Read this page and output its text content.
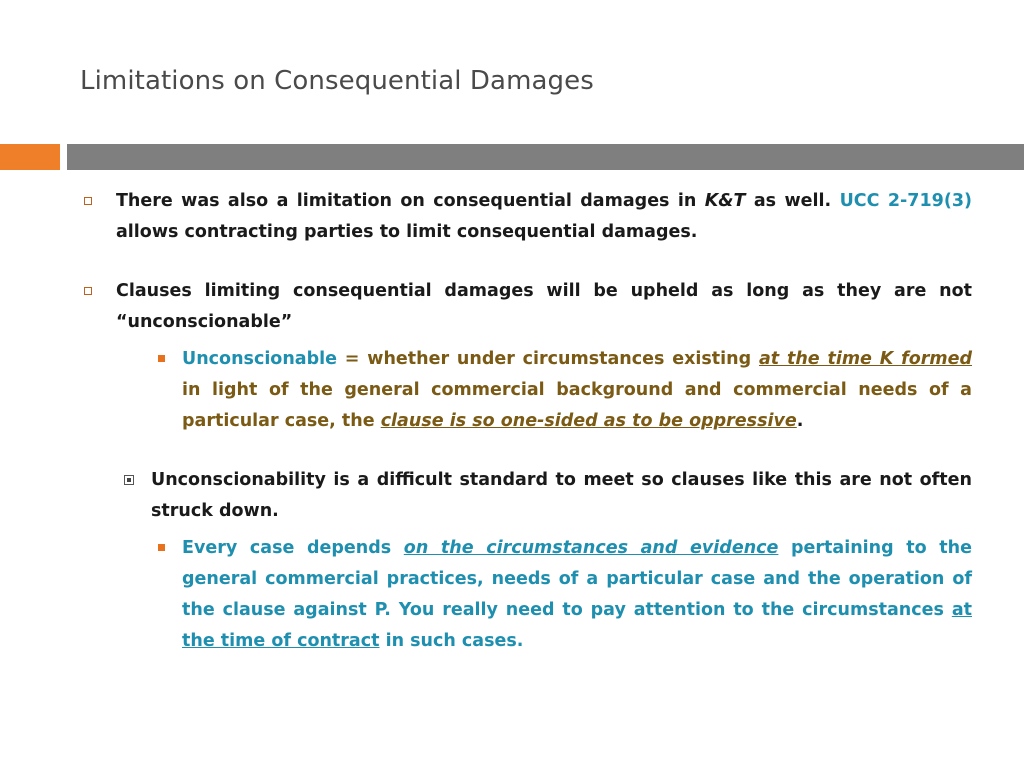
Limitations on Consequential Damages
There was also a limitation on consequential damages in K&T as well. UCC 2-719(3) allows contracting parties to limit consequential damages.
Clauses limiting consequential damages will be upheld as long as they are not “unconscionable”
Unconscionable = whether under circumstances existing at the time K formed in light of the general commercial background and commercial needs of a particular case, the clause is so one-sided as to be oppressive.
Unconscionability is a difficult standard to meet so clauses like this are not often struck down.
Every case depends on the circumstances and evidence pertaining to the general commercial practices, needs of a particular case and the operation of the clause against P. You really need to pay attention to the circumstances at the time of contract in such cases.
